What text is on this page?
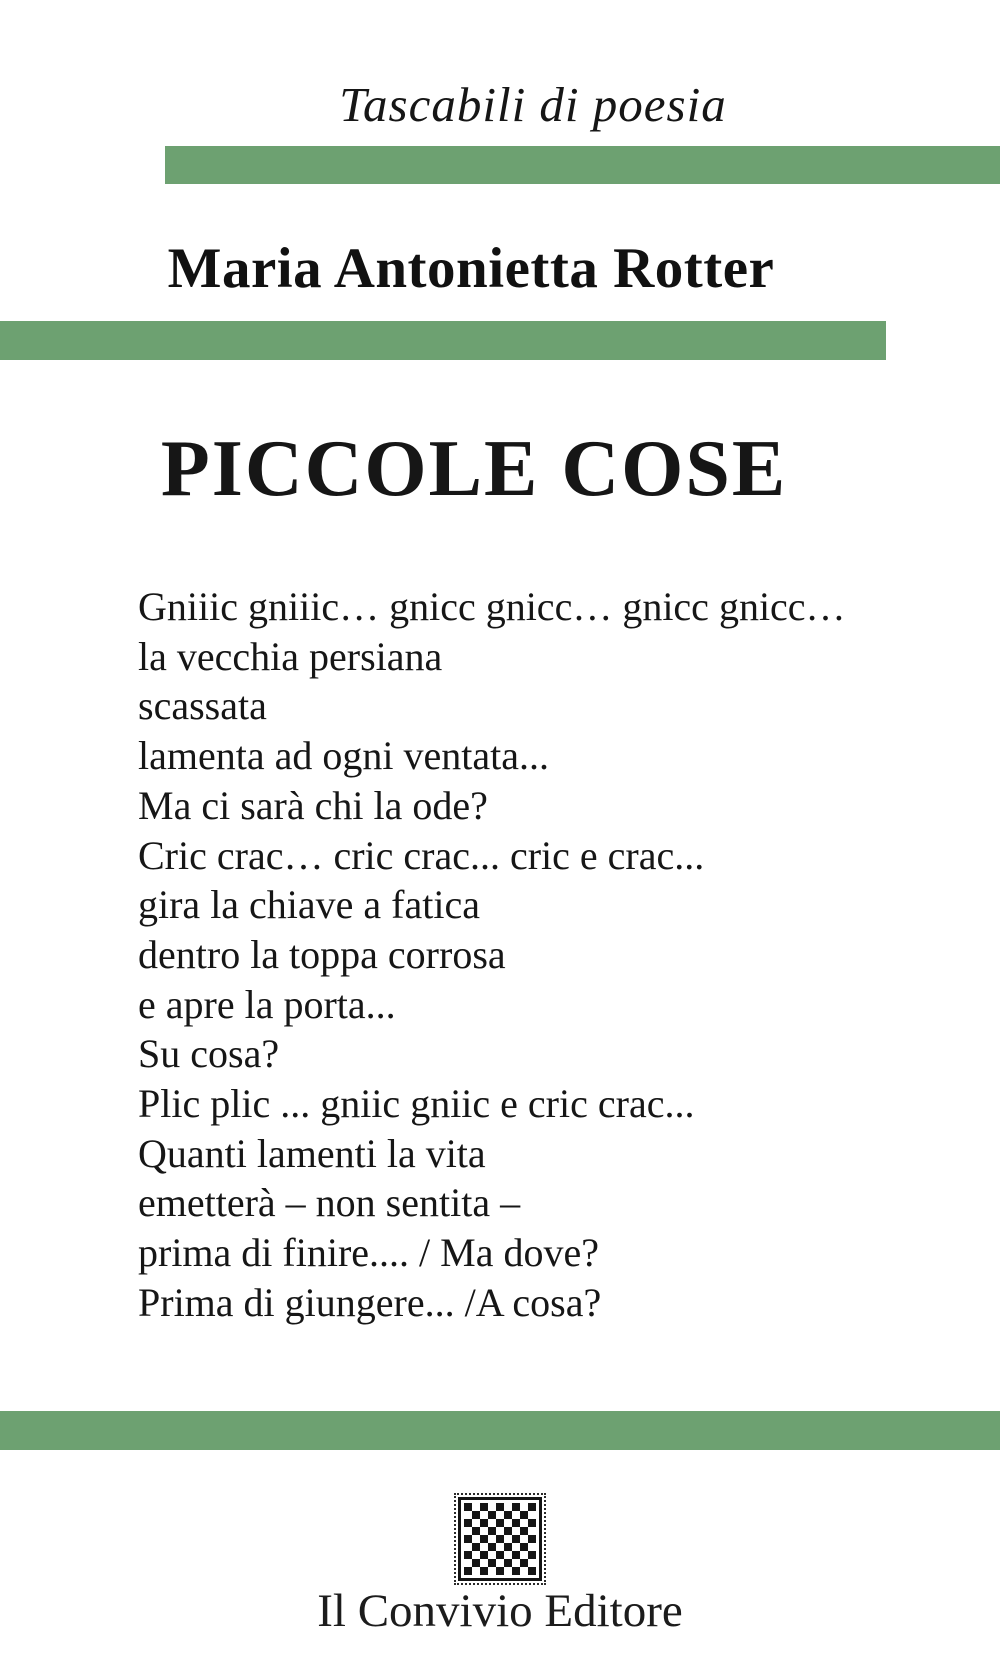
Tascabili di poesia
Maria Antonietta Rotter
PICCOLE COSE
Gniiic gniiic… gnicc gnicc… gnicc gnicc…
la vecchia persiana
scassata
lamenta ad ogni ventata...
Ma ci sarà chi la ode?
Cric crac… cric crac... cric e crac...
gira la chiave a fatica
dentro la toppa corrosa
e apre la porta...
Su cosa?
Plic plic ... gniic gniic e cric crac...
Quanti lamenti la vita
emetterà – non sentita –
prima di finire.... / Ma dove?
Prima di giungere... /A cosa?
Il Convivio Editore
